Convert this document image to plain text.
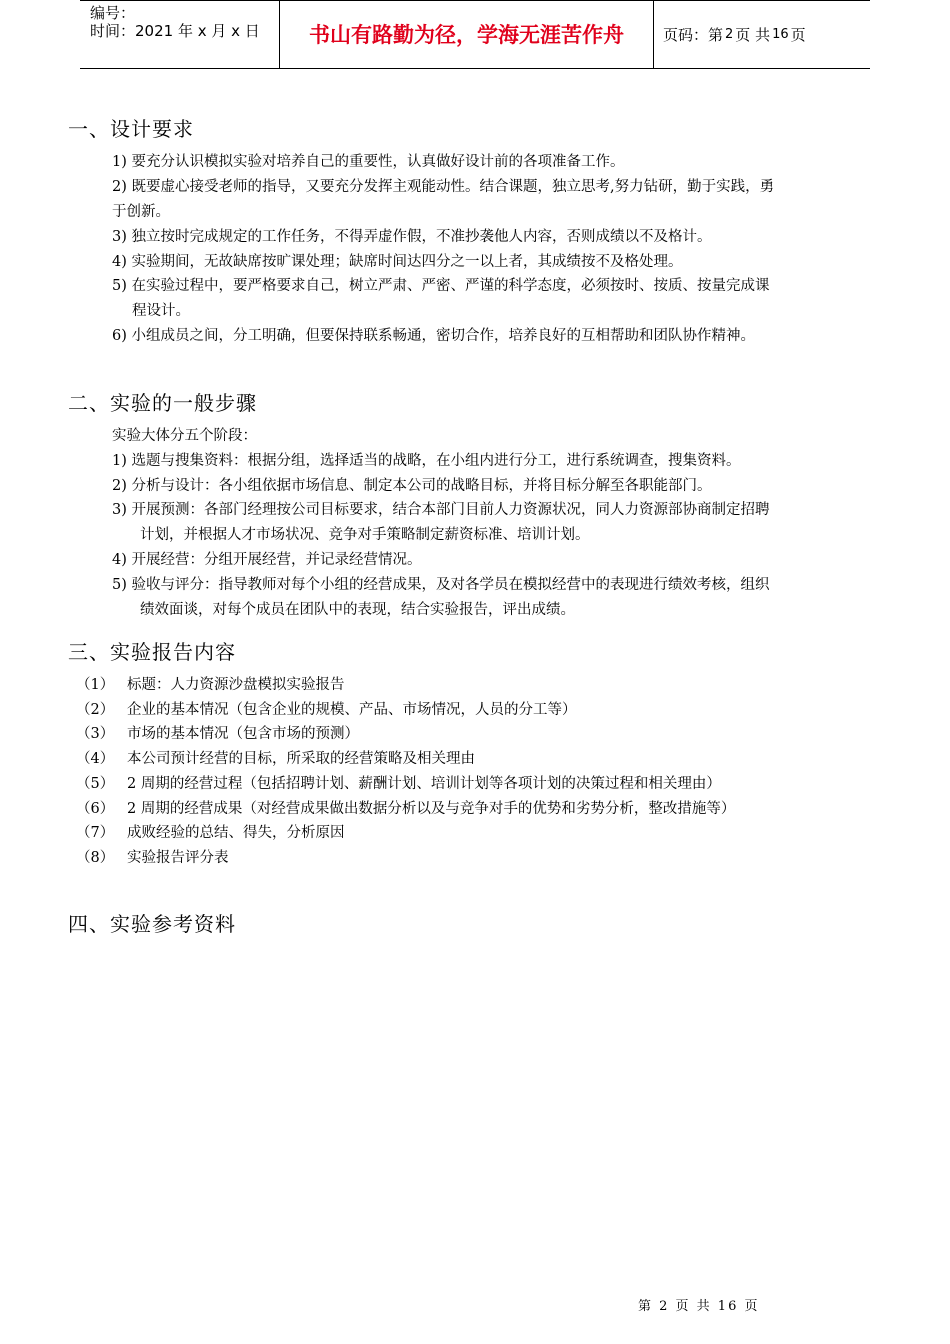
编号：
时间：2021 年 x 月 x 日	书山有路勤为径，学海无涯苦作舟	页码：第 2 页 共 16 页
一、设计要求
1) 要充分认识模拟实验对培养自己的重要性，认真做好设计前的各项准备工作。
2) 既要虚心接受老师的指导，又要充分发挥主观能动性。结合课题，独立思考,努力钻研，勤于实践，勇
于创新。
3) 独立按时完成规定的工作任务，不得弄虚作假，不准抄袭他人内容，否则成绩以不及格计。
4) 实验期间，无故缺席按旷课处理；缺席时间达四分之一以上者，其成绩按不及格处理。
5) 在实验过程中，要严格要求自己，树立严肃、严密、严谨的科学态度，必须按时、按质、按量完成课
程设计。
6) 小组成员之间，分工明确，但要保持联系畅通，密切合作，培养良好的互相帮助和团队协作精神。
二、实验的一般步骤
实验大体分五个阶段：
1) 选题与搜集资料：根据分组，选择适当的战略，在小组内进行分工，进行系统调查，搜集资料。
2) 分析与设计：各小组依据市场信息、制定本公司的战略目标，并将目标分解至各职能部门。
3) 开展预测：各部门经理按公司目标要求，结合本部门目前人力资源状况，同人力资源部协商制定招聘
计划，并根据人才市场状况、竞争对手策略制定薪资标准、培训计划。
4) 开展经营：分组开展经营，并记录经营情况。
5) 验收与评分：指导教师对每个小组的经营成果，及对各学员在模拟经营中的表现进行绩效考核，组织
绩效面谈，对每个成员在团队中的表现，结合实验报告，评出成绩。
三、实验报告内容
（1） 标题：人力资源沙盘模拟实验报告
（2） 企业的基本情况（包含企业的规模、产品、市场情况，人员的分工等）
（3） 市场的基本情况（包含市场的预测）
（4） 本公司预计经营的目标，所采取的经营策略及相关理由
（5） 2 周期的经营过程（包括招聘计划、薪酬计划、培训计划等各项计划的决策过程和相关理由）
（6） 2 周期的经营成果（对经营成果做出数据分析以及与竞争对手的优势和劣势分析，整改措施等）
（7） 成败经验的总结、得失，分析原因
（8） 实验报告评分表
四、实验参考资料
第 2 页 共 16 页
